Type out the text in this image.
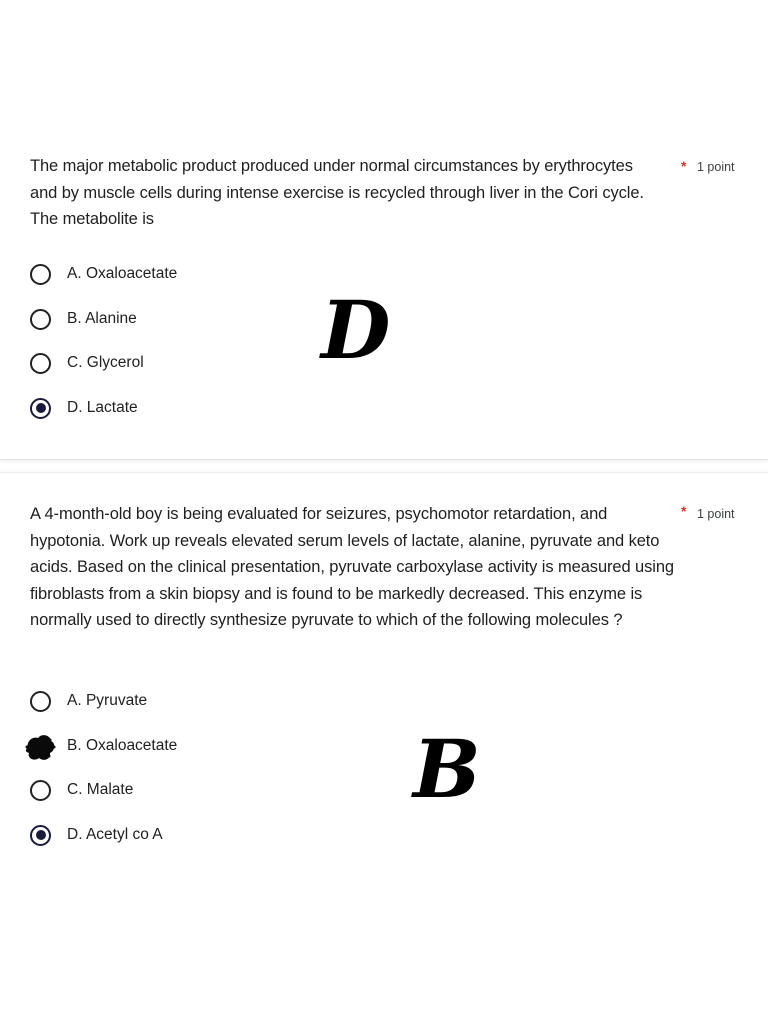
The major metabolic product produced under normal circumstances by erythrocytes and by muscle cells during intense exercise is recycled through liver in the Cori cycle. The metabolite is

* 1 point
A. Oxaloacetate
B. Alanine
C. Glycerol
D. Lactate
D

A 4-month-old boy is being evaluated for seizures, psychomotor retardation, and hypotonia. Work up reveals elevated serum levels of lactate, alanine, pyruvate and keto acids. Based on the clinical presentation, pyruvate carboxylase activity is measured using fibroblasts from a skin biopsy and is found to be markedly decreased. This enzyme is normally used to directly synthesize pyruvate to which of the following molecules ?

* 1 point
A. Pyruvate
B. Oxaloacetate
C. Malate
D. Acetyl co A
B
